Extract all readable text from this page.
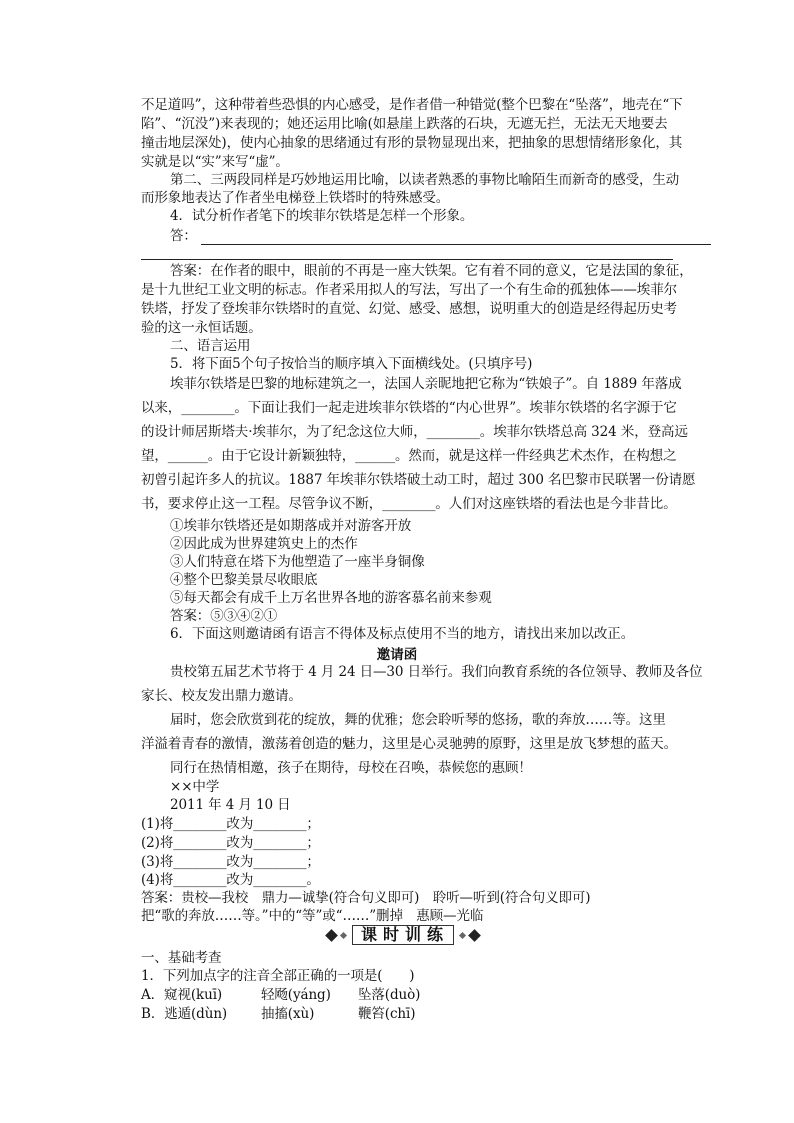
不足道吗”，这种带着些恐惧的内心感受，是作者借一种错觉(整个巴黎在“坠落”，地壳在“下
陷”、“沉没”)来表现的；她还运用比喻(如悬崖上跌落的石块，无遮无拦，无法无天地要去
撞击地层深处)，使内心抽象的思绪通过有形的景物显现出来，把抽象的思想情绪形象化，其
实就是以“实”来写“虚”。
第二、三两段同样是巧妙地运用比喻，以读者熟悉的事物比喻陌生而新奇的感受，生动
而形象地表达了作者坐电梯登上铁塔时的特殊感受。
4．试分析作者笔下的埃菲尔铁塔是怎样一个形象。
答：
答案：在作者的眼中，眼前的不再是一座大铁架。它有着不同的意义，它是法国的象征，
是十九世纪工业文明的标志。作者采用拟人的写法，写出了一个有生命的孤独体——埃菲尔
铁塔，抒发了登埃菲尔铁塔时的直觉、幻觉、感受、感想，说明重大的创造是经得起历史考
验的这一永恒话题。
二、语言运用
5．将下面5个句子按恰当的顺序填入下面横线处。(只填序号)
埃菲尔铁塔是巴黎的地标建筑之一，法国人亲昵地把它称为“铁娘子”。自 1889 年落成
以来，________。下面让我们一起走进埃菲尔铁塔的“内心世界”。埃菲尔铁塔的名字源于它
的设计师居斯塔夫·埃菲尔，为了纪念这位大师，________。埃菲尔铁塔总高 324 米，登高远
望，______。由于它设计新颖独特，______。然而，就是这样一件经典艺术杰作，在构想之
初曾引起许多人的抗议。1887 年埃菲尔铁塔破土动工时，超过 300 名巴黎市民联署一份请愿
书，要求停止这一工程。尽管争议不断，________。人们对这座铁塔的看法也是今非昔比。
①埃菲尔铁塔还是如期落成并对游客开放
②因此成为世界建筑史上的杰作
③人们特意在塔下为他塑造了一座半身铜像
④整个巴黎美景尽收眼底
⑤每天都会有成千上万名世界各地的游客慕名前来参观
答案：⑤③④②①
6．下面这则邀请函有语言不得体及标点使用不当的地方，请找出来加以改正。
邀请函
贵校第五届艺术节将于 4 月 24 日—30 日举行。我们向教育系统的各位领导、教师及各位
家长、校友发出鼎力邀请。
届时，您会欣赏到花的绽放，舞的优雅；您会聆听琴的悠扬，歌的奔放……等。这里
洋溢着青春的激情，激荡着创造的魅力，这里是心灵驰骋的原野，这里是放飞梦想的蓝天。
同行在热情相邀，孩子在期待，母校在召唤，恭候您的惠顾！
××中学
2011 年 4 月 10 日
(1)将________改为________；
(2)将________改为________；
(3)将________改为________；
(4)将________改为________。
答案：贵校—我校　鼎力—诚挚(符合句义即可)　聆听—听到(符合句义即可)
把“歌的奔放……等。”中的“等”或“……”删掉　惠顾—光临
课时训练
一、基础考查
1．下列加点字的注音全部正确的一项是(　　)
A．窥视(kuī)	轻飏(yáng) 坠落(duò)
B．逃遁(dùn)	抽搐(xù)	鞭笞(chī)
